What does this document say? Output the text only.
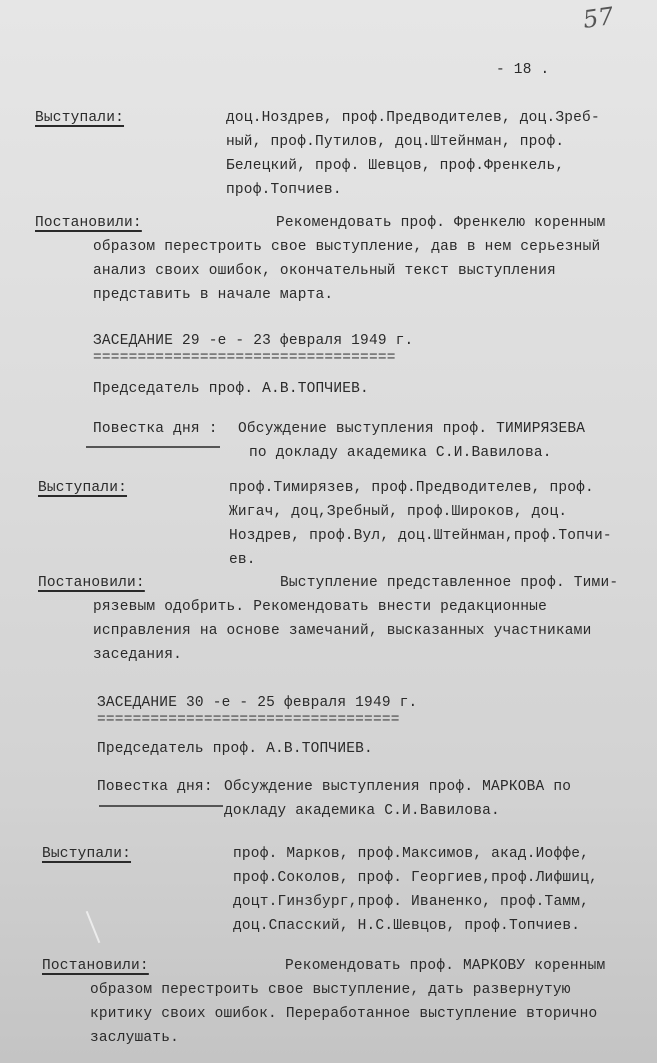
57
- 18 .
Выступали:	доц.Ноздрев, проф.Предводителев, доц.Зреб-
ный, проф.Путилов, доц.Штейнман, проф.
Белецкий, проф. Шевцов, проф.Френкель,
проф.Топчиев.
Постановили:	Рекомендовать проф. Френкелю коренным
образом перестроить свое выступление, дав в нем серьезный
анализ своих ошибок, окончательный текст выступления
представить в начале марта.
ЗАСЕДАНИЕ 29 -е - 23 февраля 1949 г.
==================================
Председатель проф. А.В.ТОПЧИЕВ.
Повестка дня : Обсуждение выступления проф. ТИМИРЯЗЕВА
по докладу академика С.И.Вавилова.
Выступали:	проф.Тимирязев, проф.Предводителев, проф.
Жигач, доц,Зребный, проф.Широков, доц.
Ноздрев, проф.Вул, доц.Штейнман,проф.Топчи-
ев.
Постановили:	Выступление представленное проф. Тими-
рязевым одобрить. Рекомендовать внести редакционные
исправления на основе замечаний, высказанных участниками
заседания.
ЗАСЕДАНИЕ 30 -е - 25 февраля 1949 г.
==================================
Председатель проф. А.В.ТОПЧИЕВ.
Повестка дня: Обсуждение выступления проф. МАРКОВА по
докладу академика С.И.Вавилова.
Выступали:	проф. Марков, проф.Максимов, акад.Иоффе,
проф.Соколов, проф. Георгиев,проф.Лифшиц,
доцт.Гинзбург,проф. Иваненко, проф.Тамм,
доц.Спасский, Н.С.Шевцов, проф.Топчиев.
Постановили:	Рекомендовать проф. МАРКОВУ коренным
образом перестроить свое выступление, дать развернутую
критику своих ошибок. Переработанное выступление вторично
заслушать.
